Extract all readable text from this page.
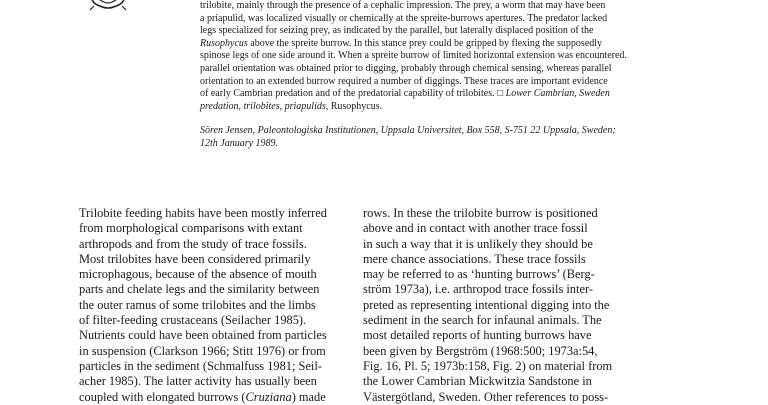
trilobite, mainly through the presence of a cephalic impression. The prey, a worm that may have been

a priapulid, was localized visually or chemically at the spreite-burrows apertures. The predator lacked

legs specialized for seizing prey, as indicated by the parallel, but laterally displaced position of the

Rusophycus above the spreite burrow. In this stance prey could be gripped by flexing the supposedly

spinose legs of one side around it. When a spreite burrow of limited horizontal extension was encountered.

parallel orientation was obtained prior to digging, probably through chemical sensing, whereas parallel

orientation to an extended burrow required a number of diggings. These traces are important evidence

of early Cambrian predation and of the predatorial capability of trilobites. □ Lower Cambrian, Sweden

predation, trilobites, priapulids, Rusophycus.

Sören Jensen, Paleontologiska Institutionen, Uppsala Universitet, Box 558, S-751 22 Uppsala, Sweden;
12th January 1989.

Trilobite feeding habits have been mostly inferred

from morphological comparisons with extant

arthropods and from the study of trace fossils.

Most trilobites have been considered primarily

microphagous, because of the absence of mouth

parts and chelate legs and the similarity between

the outer ramus of some trilobites and the limbs

of filter-feeding crustaceans (Seilacher 1985).

Nutrients could have been obtained from particles

in suspension (Clarkson 1966; Stitt 1976) or from

particles in the sediment (Schmalfuss 1981; Seil-

acher 1985). The latter activity has usually been

coupled with elongated burrows (Cruziana) made

rows. In these the trilobite burrow is positioned

above and in contact with another trace fossil

in such a way that it is unlikely they should be

mere chance associations. These trace fossils

may be referred to as ‘hunting burrows’ (Berg-

ström 1973a), i.e. arthropod trace fossils inter-

preted as representing intentional digging into the

sediment in the search for infaunal animals. The

most detailed reports of hunting burrows have

been given by Bergström (1968:500; 1973a:54,

Fig. 16, Pl. 5; 1973b:158, Fig. 2) on material from

the Lower Cambrian Mickwitzia Sandstone in

Västergötland, Sweden. Other references to poss-
